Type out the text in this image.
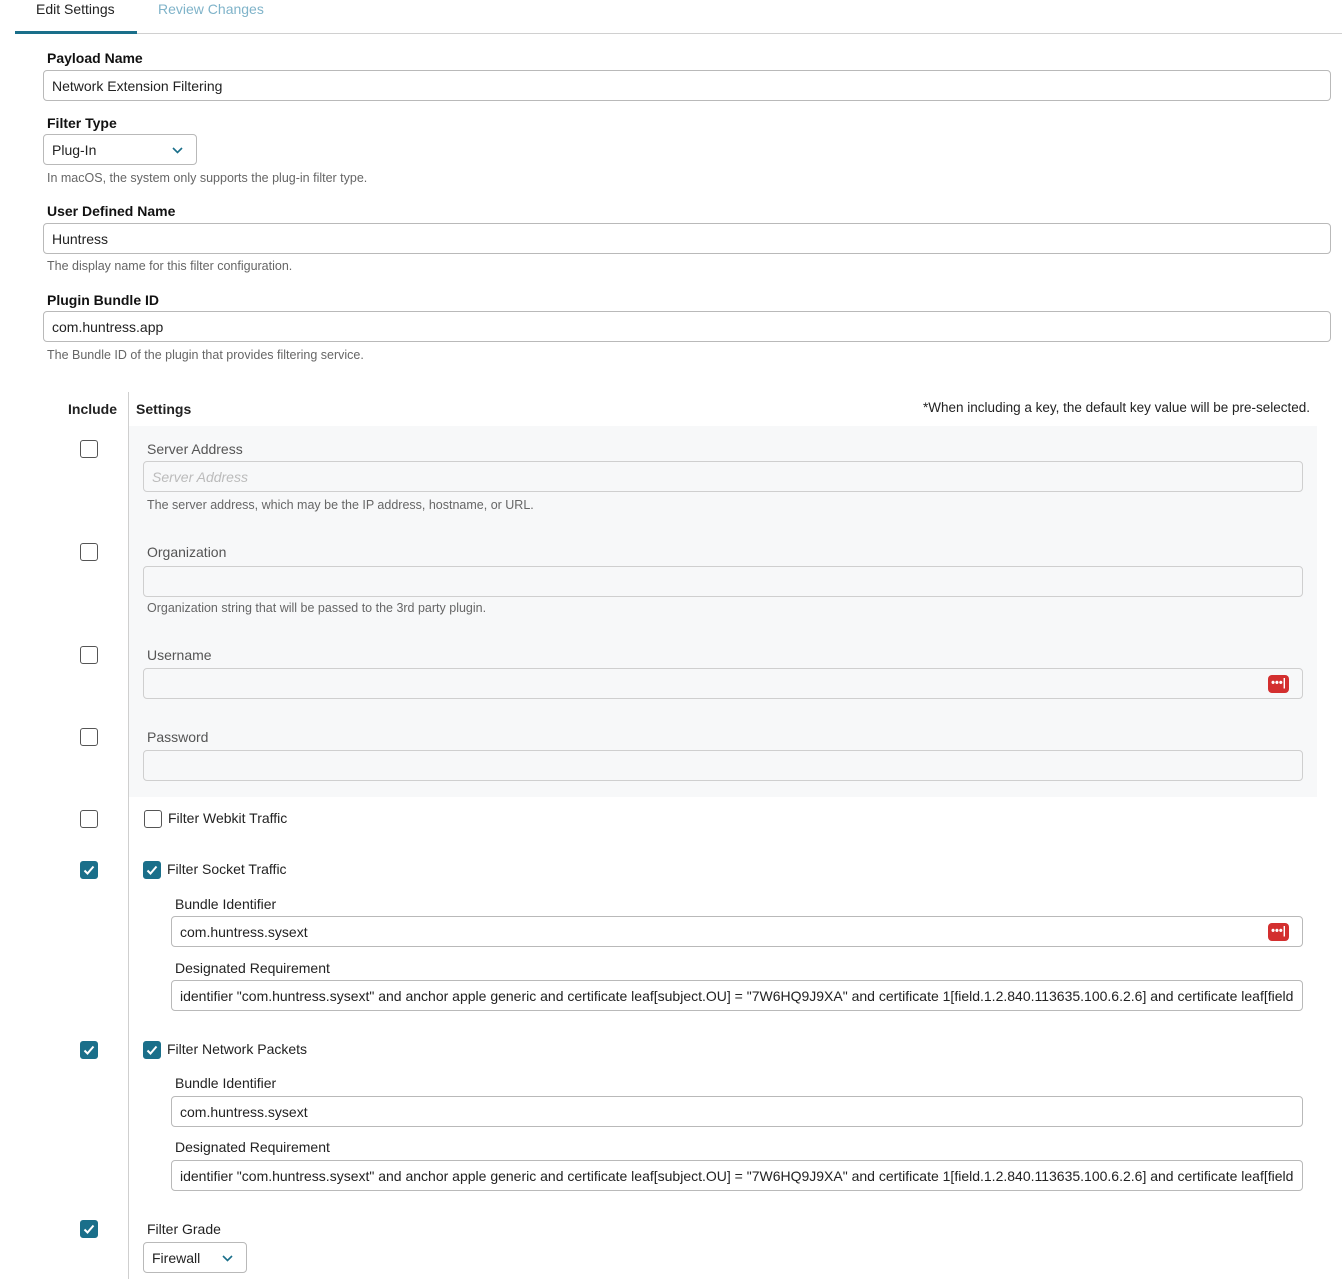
Edit Settings	Review Changes
Payload Name
Network Extension Filtering
Filter Type
Plug-In
In macOS, the system only supports the plug-in filter type.
User Defined Name
Huntress
The display name for this filter configuration.
Plugin Bundle ID
com.huntress.app
The Bundle ID of the plugin that provides filtering service.
Include Settings	*When including a key, the default key value will be pre-selected.
Server Address
Server Address
The server address, which may be the IP address, hostname, or URL.
Organization
Organization string that will be passed to the 3rd party plugin.
Username
•••|
Password
Filter Webkit Traffic
Filter Socket Traffic
Bundle Identifier
com.huntress.sysext
•••|
Designated Requirement
identifier "com.huntress.sysext" and anchor apple generic and certificate leaf[subject.OU] = "7W6HQ9J9XA" and certificate 1[field.1.2.840.113635.100.6.2.6] and certificate leaf[field.1.2.840.113635.100.6.1.13]
Filter Network Packets
Bundle Identifier
com.huntress.sysext
Designated Requirement
identifier "com.huntress.sysext" and anchor apple generic and certificate leaf[subject.OU] = "7W6HQ9J9XA" and certificate 1[field.1.2.840.113635.100.6.2.6] and certificate leaf[field.1.2.840.113635.100.6.1.13]
Filter Grade
Firewall
